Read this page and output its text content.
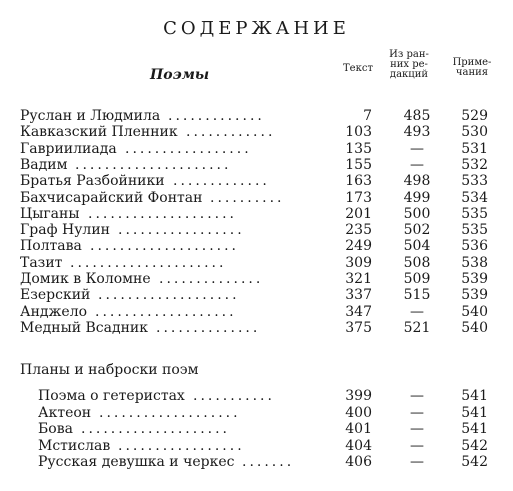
СОДЕРЖАНИЕ
Поэмы	Текст
Из ран-
них ре-
дакций
Приме-
чания
Руслан и Людмила .............	7 485	529
Кавказский Пленник ............	103 493	530
Гавриилиада .................	135	—	531
Вадим .....................	155	—	532
Братья Разбойники .............	163 498	533
Бахчисарайский Фонтан ..........	173 499	534
Цыганы ....................	201 500	535
Граф Нулин .................	235 502	535
Полтава ....................	249 504	536
Тазит .....................	309 508	538
Домик в Коломне ..............	321 509	539
Езерский ...................	337 515	539
Анджело ...................	347	—	540
Медный Всадник ..............	375 521	540
Планы и наброски поэм
Поэма о гетеристах ...........	399	—	541
Актеон ...................	400	—	541
Бова ....................	401	—	541
Мстислав .................	404	—	542
Русская девушка и черкес .......	406	—	542
